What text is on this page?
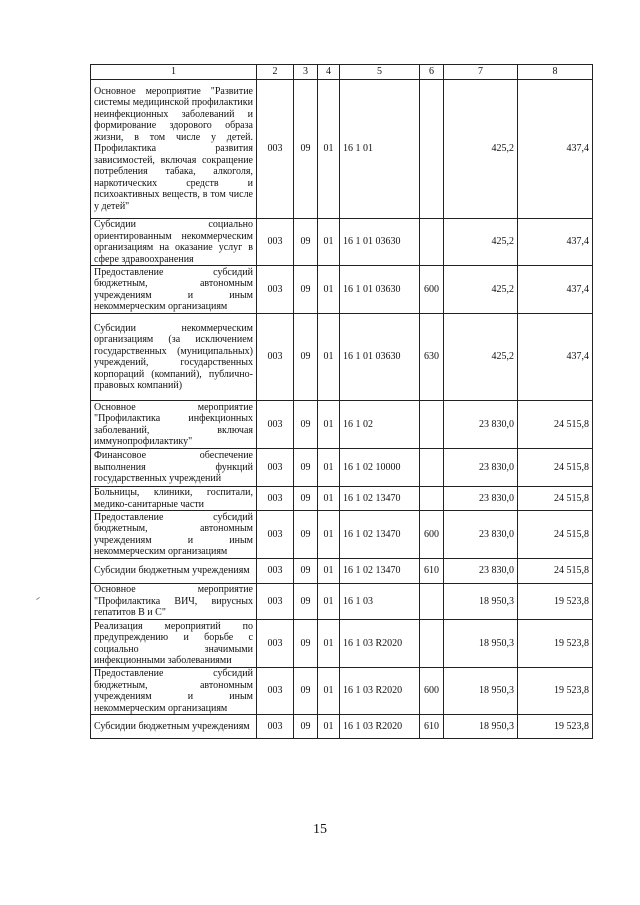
1	2	3	4	5	6	7	8
Основное мероприятие "Развитие системы медицинской профилактики неинфекционных заболеваний и формирование здорового образа жизни, в том числе у детей. Профилактика развития зависимостей, включая сокращение потребления табака, алкоголя, наркотических средств и психоактивных веществ, в том числе у детей"	003	09	01	16 1 01		425,2	437,4
Субсидии социально ориентированным некоммерческим организациям на оказание услуг в сфере здравоохранения	003	09	01	16 1 01 03630		425,2	437,4
Предоставление субсидий бюджетным, автономным учреждениям и иным некоммерческим организациям	003	09	01	16 1 01 03630	600	425,2	437,4
Субсидии некоммерческим организациям (за исключением государственных (муниципальных) учреждений, государственных корпораций (компаний), публично-правовых компаний)	003	09	01	16 1 01 03630	630	425,2	437,4
Основное мероприятие "Профилактика инфекционных заболеваний, включая иммунопрофилактику"	003	09	01	16 1 02		23 830,0	24 515,8
Финансовое обеспечение выполнения функций государственных учреждений	003	09	01	16 1 02 10000		23 830,0	24 515,8
Больницы, клиники, госпитали, медико-санитарные части	003	09	01	16 1 02 13470		23 830,0	24 515,8
Предоставление субсидий бюджетным, автономным учреждениям и иным некоммерческим организациям	003	09	01	16 1 02 13470	600	23 830,0	24 515,8
Субсидии бюджетным учреждениям	003	09	01	16 1 02 13470	610	23 830,0	24 515,8
Основное мероприятие "Профилактика ВИЧ, вирусных гепатитов В и С"	003	09	01	16 1 03		18 950,3	19 523,8
Реализация мероприятий по предупреждению и борьбе с социально значимыми инфекционными заболеваниями	003	09	01	16 1 03 R2020		18 950,3	19 523,8
Предоставление субсидий бюджетным, автономным учреждениям и иным некоммерческим организациям	003	09	01	16 1 03 R2020	600	18 950,3	19 523,8
Субсидии бюджетным учреждениям	003	09	01	16 1 03 R2020	610	18 950,3	19 523,8
15
